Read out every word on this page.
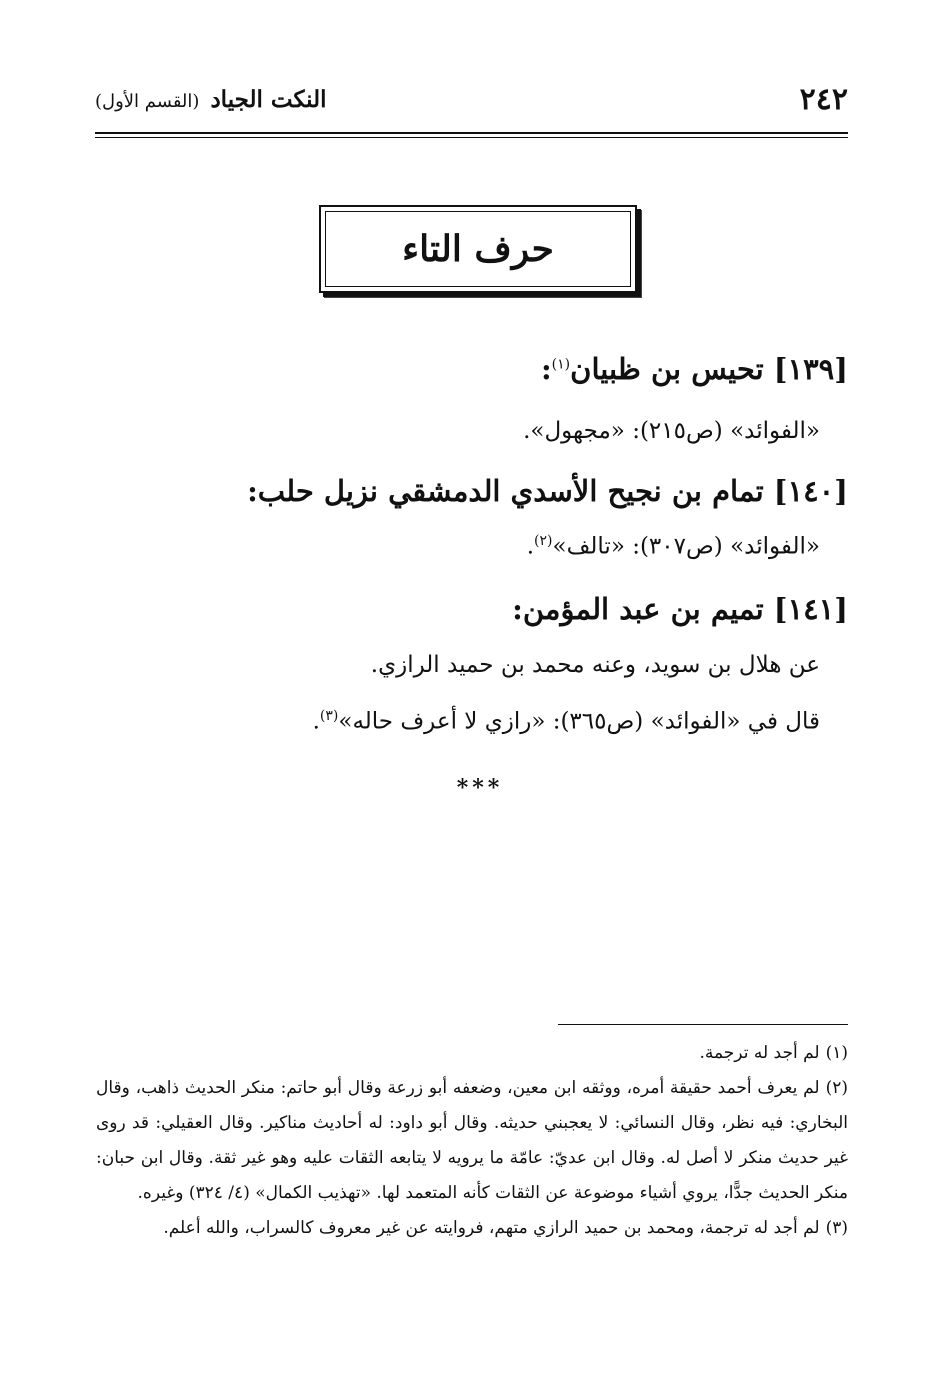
٢٤٢
النكت الجياد (القسم الأول)
حرف التاء
[١٣٩] تحيس بن ظبيان$^{(١)}$:
«الفوائد» (ص٢١٥): «مجهول».
[١٤٠] تمام بن نجيح الأسدي الدمشقي نزيل حلب:
«الفوائد» (ص٣٠٧): «تالف»$^{(٢)}$.
[١٤١] تميم بن عبد المؤمن:
عن هلال بن سويد، وعنه محمد بن حميد الرازي.
قال في «الفوائد» (ص٣٦٥): «رازي لا أعرف حاله»$^{(٣)}$.
***

(١)لم أجد له ترجمة.

(٢)لم يعرف أحمد حقيقة أمره، ووثقه ابن معين، وضعفه أبو زرعة وقال أبو حاتم: منكر الحديث ذاهب، وقال البخاري: فيه نظر، وقال النسائي: لا يعجبني حديثه. وقال أبو داود: له أحاديث مناكير. وقال العقيلي: قد روى غير حديث منكر لا أصل له. وقال ابن عديّ: عامّة ما يرويه لا يتابعه الثقات عليه وهو غير ثقة. وقال ابن حبان: منكر الحديث جدًّا، يروي أشياء موضوعة عن الثقات كأنه المتعمد لها. «تهذيب الكمال» (٤/ ٣٢٤) وغيره.

(٣)لم أجد له ترجمة، ومحمد بن حميد الرازي متهم، فروايته عن غير معروف كالسراب، والله أعلم.
